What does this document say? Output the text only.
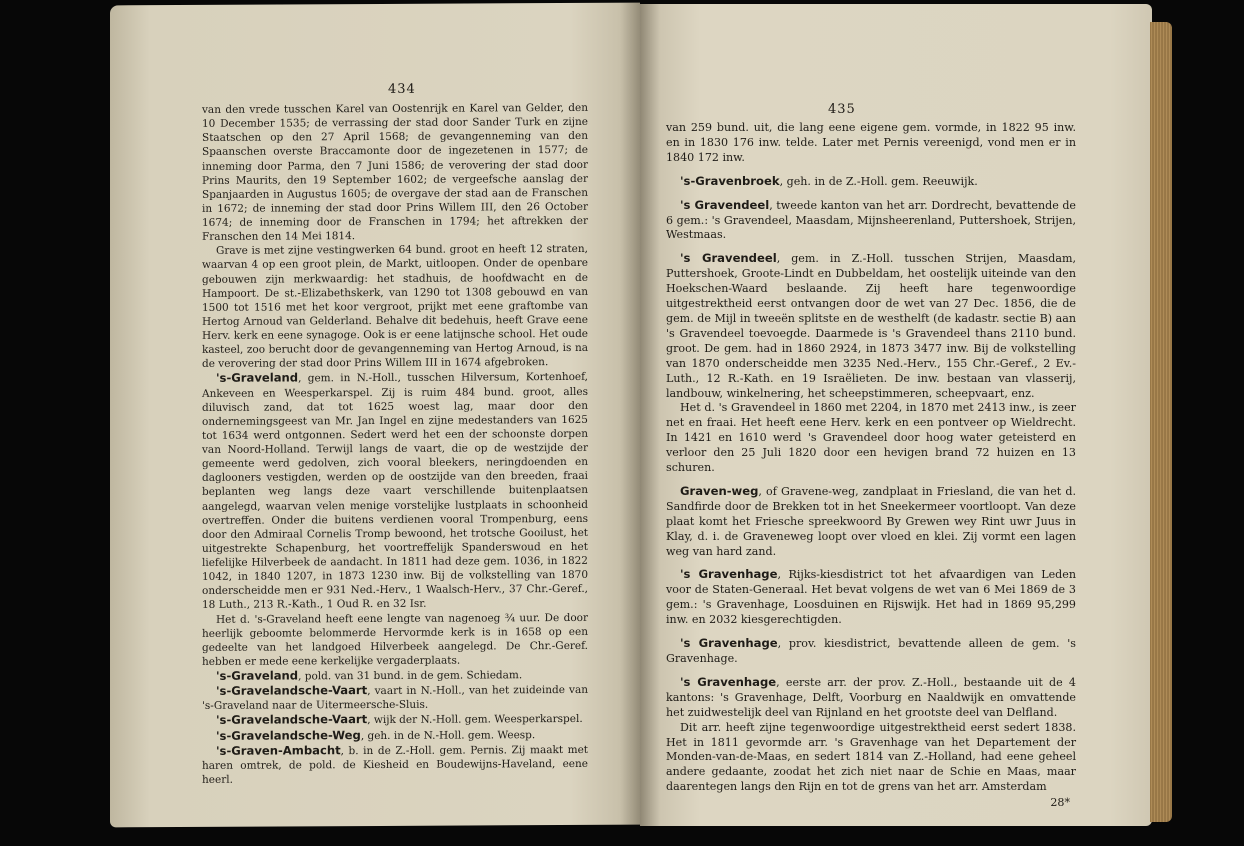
434

van den vrede tusschen Karel van Oostenrijk en Karel van Gelder, den 10 December 1535; de verrassing der stad door Sander Turk en zijne Staatschen op den 27 April 1568; de gevangenneming van den Spaanschen overste Braccamonte door de ingezetenen in 1577; de inneming door Parma, den 7 Juni 1586; de verovering der stad door Prins Maurits, den 19 September 1602; de vergeefsche aanslag der Spanjaarden in Augustus 1605; de overgave der stad aan de Franschen in 1672; de inneming der stad door Prins Willem III, den 26 October 1674; de inneming door de Franschen in 1794; het aftrekken der Franschen den 14 Mei 1814.

Grave is met zijne vestingwerken 64 bund. groot en heeft 12 straten, waarvan 4 op een groot plein, de Markt, uitloopen. Onder de openbare gebouwen zijn merkwaardig: het stadhuis, de hoofdwacht en de Hampoort. De st.-Elizabethskerk, van 1290 tot 1308 gebouwd en van 1500 tot 1516 met het koor vergroot, prijkt met eene graftombe van Hertog Arnoud van Gelderland. Behalve dit bedehuis, heeft Grave eene Herv. kerk en eene synagoge. Ook is er eene latijnsche school. Het oude kasteel, zoo berucht door de gevangenneming van Hertog Arnoud, is na de verovering der stad door Prins Willem III in 1674 afgebroken.

's-Graveland, gem. in N.-Holl., tusschen Hilversum, Kortenhoef, Ankeveen en Weesperkarspel. Zij is ruim 484 bund. groot, alles diluvisch zand, dat tot 1625 woest lag, maar door den ondernemingsgeest van Mr. Jan Ingel en zijne medestanders van 1625 tot 1634 werd ontgonnen. Sedert werd het een der schoonste dorpen van Noord-Holland. Terwijl langs de vaart, die op de westzijde der gemeente werd gedolven, zich vooral bleekers, neringdoenden en daglooners vestigden, werden op de oostzijde van den breeden, fraai beplanten weg langs deze vaart verschillende buitenplaatsen aangelegd, waarvan velen menige vorstelijke lustplaats in schoonheid overtreffen. Onder die buitens verdienen vooral Trompenburg, eens door den Admiraal Cornelis Tromp bewoond, het trotsche Gooilust, het uitgestrekte Schapenburg, het voortreffelijk Spanderswoud en het liefelijke Hilverbeek de aandacht. In 1811 had deze gem. 1036, in 1822 1042, in 1840 1207, in 1873 1230 inw. Bij de volkstelling van 1870 onderscheidde men er 931 Ned.-Herv., 1 Waalsch-Herv., 37 Chr.-Geref., 18 Luth., 213 R.-Kath., 1 Oud R. en 32 Isr.

Het d. 's-Graveland heeft eene lengte van nagenoeg ¾ uur. De door heerlijk geboomte belommerde Hervormde kerk is in 1658 op een gedeelte van het landgoed Hilverbeek aangelegd. De Chr.-Geref. hebben er mede eene kerkelijke vergaderplaats.

's-Graveland, pold. van 31 bund. in de gem. Schiedam.

's-Gravelandsche-Vaart, vaart in N.-Holl., van het zuideinde van 's-Graveland naar de Uitermeersche-Sluis.

's-Gravelandsche-Vaart, wijk der N.-Holl. gem. Weesperkarspel.

's-Gravelandsche-Weg, geh. in de N.-Holl. gem. Weesp.

's-Graven-Ambacht, b. in de Z.-Holl. gem. Pernis. Zij maakt met haren omtrek, de pold. de Kiesheid en Boudewijns-Haveland, eene heerl.

435

van 259 bund. uit, die lang eene eigene gem. vormde, in 1822 95 inw. en in 1830 176 inw. telde. Later met Pernis vereenigd, vond men er in 1840 172 inw.

's-Gravenbroek, geh. in de Z.-Holl. gem. Reeuwijk.

's Gravendeel, tweede kanton van het arr. Dordrecht, bevattende de 6 gem.: 's Gravendeel, Maasdam, Mijnsheerenland, Puttershoek, Strijen, Westmaas.

's Gravendeel, gem. in Z.-Holl. tusschen Strijen, Maasdam, Puttershoek, Groote-Lindt en Dubbeldam, het oostelijk uiteinde van den Hoekschen-Waard beslaande. Zij heeft hare tegenwoordige uitgestrektheid eerst ontvangen door de wet van 27 Dec. 1856, die de gem. de Mijl in tweeën splitste en de westhelft (de kadastr. sectie B) aan 's Gravendeel toevoegde. Daarmede is 's Gravendeel thans 2110 bund. groot. De gem. had in 1860 2924, in 1873 3477 inw. Bij de volkstelling van 1870 onderscheidde men 3235 Ned.-Herv., 155 Chr.-Geref., 2 Ev.-Luth., 12 R.-Kath. en 19 Israëlieten. De inw. bestaan van vlasserij, landbouw, winkelnering, het scheepstimmeren, scheepvaart, enz.

Het d. 's Gravendeel in 1860 met 2204, in 1870 met 2413 inw., is zeer net en fraai. Het heeft eene Herv. kerk en een pontveer op Wieldrecht. In 1421 en 1610 werd 's Gravendeel door hoog water geteisterd en verloor den 25 Juli 1820 door een hevigen brand 72 huizen en 13 schuren.

Graven-weg, of Gravene-weg, zandplaat in Friesland, die van het d. Sandfirde door de Brekken tot in het Sneekermeer voortloopt. Van deze plaat komt het Friesche spreekwoord By Grewen wey Rint uwr Juus in Klay, d. i. de Graveneweg loopt over vloed en klei. Zij vormt een lagen weg van hard zand.

's Gravenhage, Rijks-kiesdistrict tot het afvaardigen van Leden voor de Staten-Generaal. Het bevat volgens de wet van 6 Mei 1869 de 3 gem.: 's Gravenhage, Loosduinen en Rijswijk. Het had in 1869 95,299 inw. en 2032 kiesgerechtigden.

's Gravenhage, prov. kiesdistrict, bevattende alleen de gem. 's Gravenhage.

's Gravenhage, eerste arr. der prov. Z.-Holl., bestaande uit de 4 kantons: 's Gravenhage, Delft, Voorburg en Naaldwijk en omvattende het zuidwestelijk deel van Rijnland en het grootste deel van Delfland.

Dit arr. heeft zijne tegenwoordige uitgestrektheid eerst sedert 1838. Het in 1811 gevormde arr. 's Gravenhage van het Departement der Monden-van-de-Maas, en sedert 1814 van Z.-Holland, had eene geheel andere gedaante, zoodat het zich niet naar de Schie en Maas, maar daarentegen langs den Rijn en tot de grens van het arr. Amsterdam

28*
